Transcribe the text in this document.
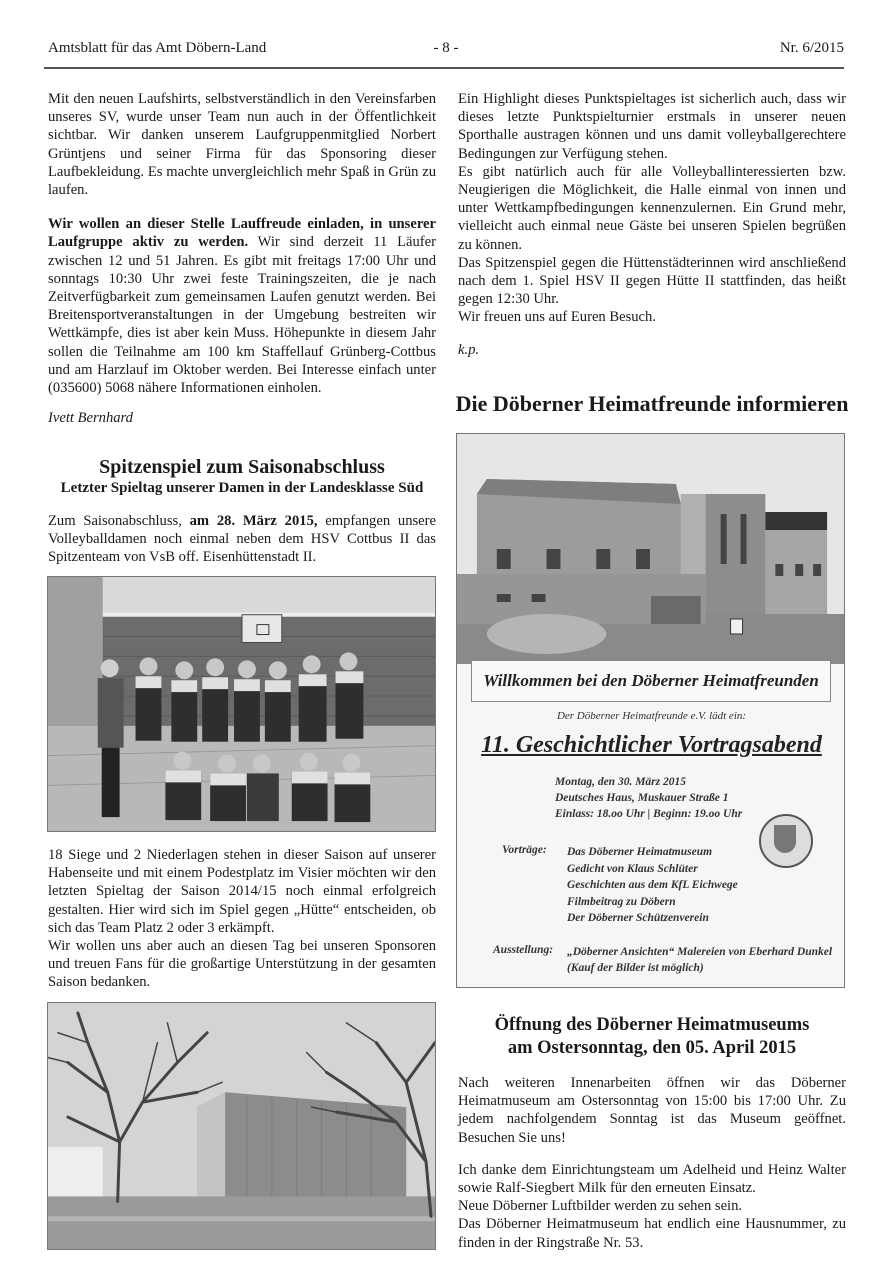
Amtsblatt für das Amt Döbern-Land	- 8 -	Nr. 6/2015

Mit den neuen Laufshirts, selbstverständlich in den Vereinsfarben unseres SV, wurde unser Team nun auch in der Öffentlichkeit sichtbar. Wir danken unserem Laufgruppenmitglied Norbert Grüntjens und seiner Firma für das Sponsoring dieser Laufbekleidung. Es machte unvergleichlich mehr Spaß in Grün zu laufen.

Wir wollen an dieser Stelle Lauffreude einladen, in unserer Laufgruppe aktiv zu werden. Wir sind derzeit 11 Läufer zwischen 12 und 51 Jahren. Es gibt mit freitags 17:00 Uhr und sonntags 10:30 Uhr zwei feste Trainingszeiten, die je nach Zeitverfügbarkeit zum gemeinsamen Laufen genutzt werden. Bei Breitensportveranstaltungen in der Umgebung bestreiten wir Wettkämpfe, dies ist aber kein Muss. Höhepunkte in diesem Jahr sollen die Teilnahme am 100 km Staffellauf Grünberg-Cottbus und am Harzlauf im Oktober werden. Bei Interesse einfach unter (035600) 5068 nähere Informationen einholen.

Ivett Bernhard

Spitzenspiel zum Saisonabschluss
Letzter Spieltag unserer Damen in der Landesklasse Süd

Zum Saisonabschluss, am 28. März 2015, empfangen unsere Volleyballdamen noch einmal neben dem HSV Cottbus II das Spitzenteam von VsB off. Eisenhüttenstadt II.

18 Siege und 2 Niederlagen stehen in dieser Saison auf unserer Habenseite und mit einem Podestplatz im Visier möchten wir den letzten Spieltag der Saison 2014/15 noch einmal erfolgreich gestalten. Hier wird sich im Spiel gegen „Hütte“ entscheiden, ob sich das Team Platz 2 oder 3 erkämpft.

Wir wollen uns aber auch an diesen Tag bei unseren Sponsoren und treuen Fans für die großartige Unterstützung in der gesamten Saison bedanken.

Ein Highlight dieses Punktspieltages ist sicherlich auch, dass wir dieses letzte Punktspielturnier erstmals in unserer neuen Sporthalle austragen können und uns damit volleyballgerechtere Bedingungen zur Verfügung stehen.

Es gibt natürlich auch für alle Volleyballinteressierten bzw. Neugierigen die Möglichkeit, die Halle einmal von innen und unter Wettkampfbedingungen kennenzulernen. Ein Grund mehr, vielleicht auch einmal neue Gäste bei unseren Spielen begrüßen zu können.

Das Spitzenspiel gegen die Hüttenstädterinnen wird anschließend nach dem 1. Spiel HSV II gegen Hütte II stattfinden, das heißt gegen 12:30 Uhr.

Wir freuen uns auf Euren Besuch.

k.p.

Die Döberner Heimatfreunde informieren
Willkommen bei den Döberner Heimatfreunden
Der Döberner Heimatfreunde e.V. lädt ein:
11. Geschichtlicher Vortragsabend
Montag, den 30. März 2015
Deutsches Haus, Muskauer Straße 1
Einlass: 18.oo Uhr | Beginn: 19.oo Uhr
Vorträge: Das Döberner Heimatmuseum
Gedicht von Klaus Schlüter
Geschichten aus dem KfL Eichwege
Filmbeitrag zu Döbern
Der Döberner Schützenverein
Ausstellung: „Döberner Ansichten“ Malereien von Eberhard Dunkel
(Kauf der Bilder ist möglich)
Öffnung des Döberner Heimatmuseums
am Ostersonntag, den 05. April 2015

Nach weiteren Innenarbeiten öffnen wir das Döberner Heimatmuseum am Ostersonntag von 15:00 bis 17:00 Uhr. Zu jedem nachfolgendem Sonntag ist das Museum geöffnet. Besuchen Sie uns!

Ich danke dem Einrichtungsteam um Adelheid und Heinz Walter sowie Ralf-Siegbert Milk für den erneuten Einsatz.

Neue Döberner Luftbilder werden zu sehen sein.

Das Döberner Heimatmuseum hat endlich eine Hausnummer, zu finden in der Ringstraße Nr. 53.
